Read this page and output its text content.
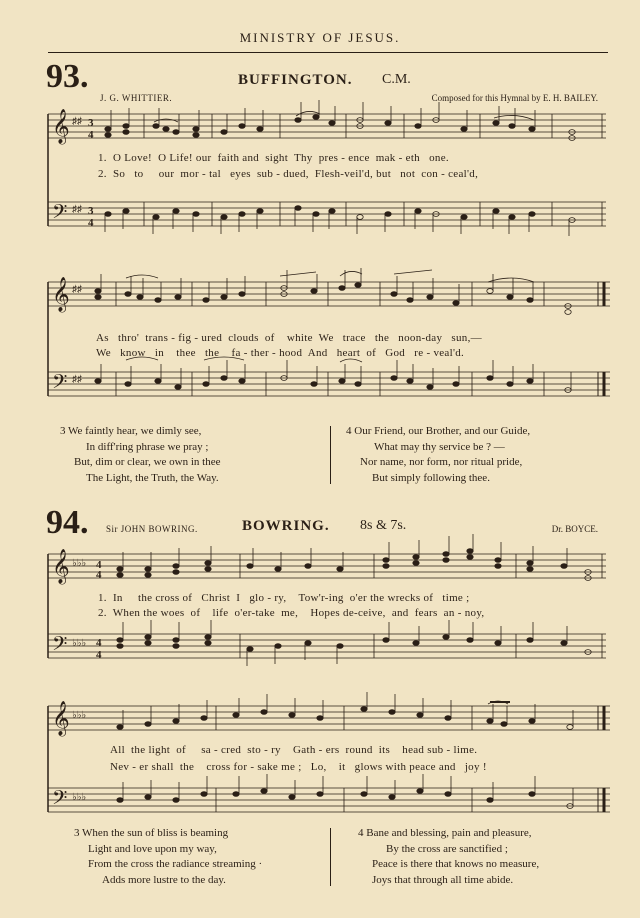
MINISTRY OF JESUS.
93.	BUFFINGTON. C.M.
J. G. WHITTIER.	Composed for this Hymnal by E. H. BAILEY.
𝄞
𝄢
♯♯
♯♯
3
4
3
4
1.  O Love!  O Life! our  faith and  sight  Thy  pres - ence  mak - eth   one.
2.  So   to     our  mor - tal   eyes  sub - dued,  Flesh-veil'd, but   not  con - ceal'd,
𝄞
𝄢
♯♯
♯♯
As   thro'  trans - fig - ured  clouds  of    white  We   trace   the   noon-day   sun,—
We   know   in    thee   the    fa - ther - hood  And   heart  of   God   re - veal'd.
3 We faintly hear, we dimly see,
In diff'ring phrase we pray ;
But, dim or clear, we own in thee
The Light, the Truth, the Way.
4 Our Friend, our Brother, and our Guide,
What may thy service be ? —
Nor name, nor form, nor ritual pride,
But simply following thee.
94. Sir JOHN BOWRING.	BOWRING. 8s & 7s.	Dr. BOYCE.
𝄞
𝄢
♭♭♭
♭♭♭
4
4
4
4
1.  In     the cross of   Christ  I   glo - ry,    Tow'r-ing  o'er the wrecks of   time ;
2.  When the woes  of    life  o'er-take  me,    Hopes de-ceive,  and  fears  an - noy,
𝄞
𝄢
♭♭♭
♭♭♭
All  the light  of     sa - cred  sto - ry    Gath - ers  round  its    head sub - lime.
Nev - er shall  the    cross for - sake me ;   Lo,    it   glows with peace and   joy !
3 When the sun of bliss is beaming
Light and love upon my way,
From the cross the radiance streaming ·
Adds more lustre to the day.
4 Bane and blessing, pain and pleasure,
By the cross are sanctified ;
Peace is there that knows no measure,
Joys that through all time abide.
